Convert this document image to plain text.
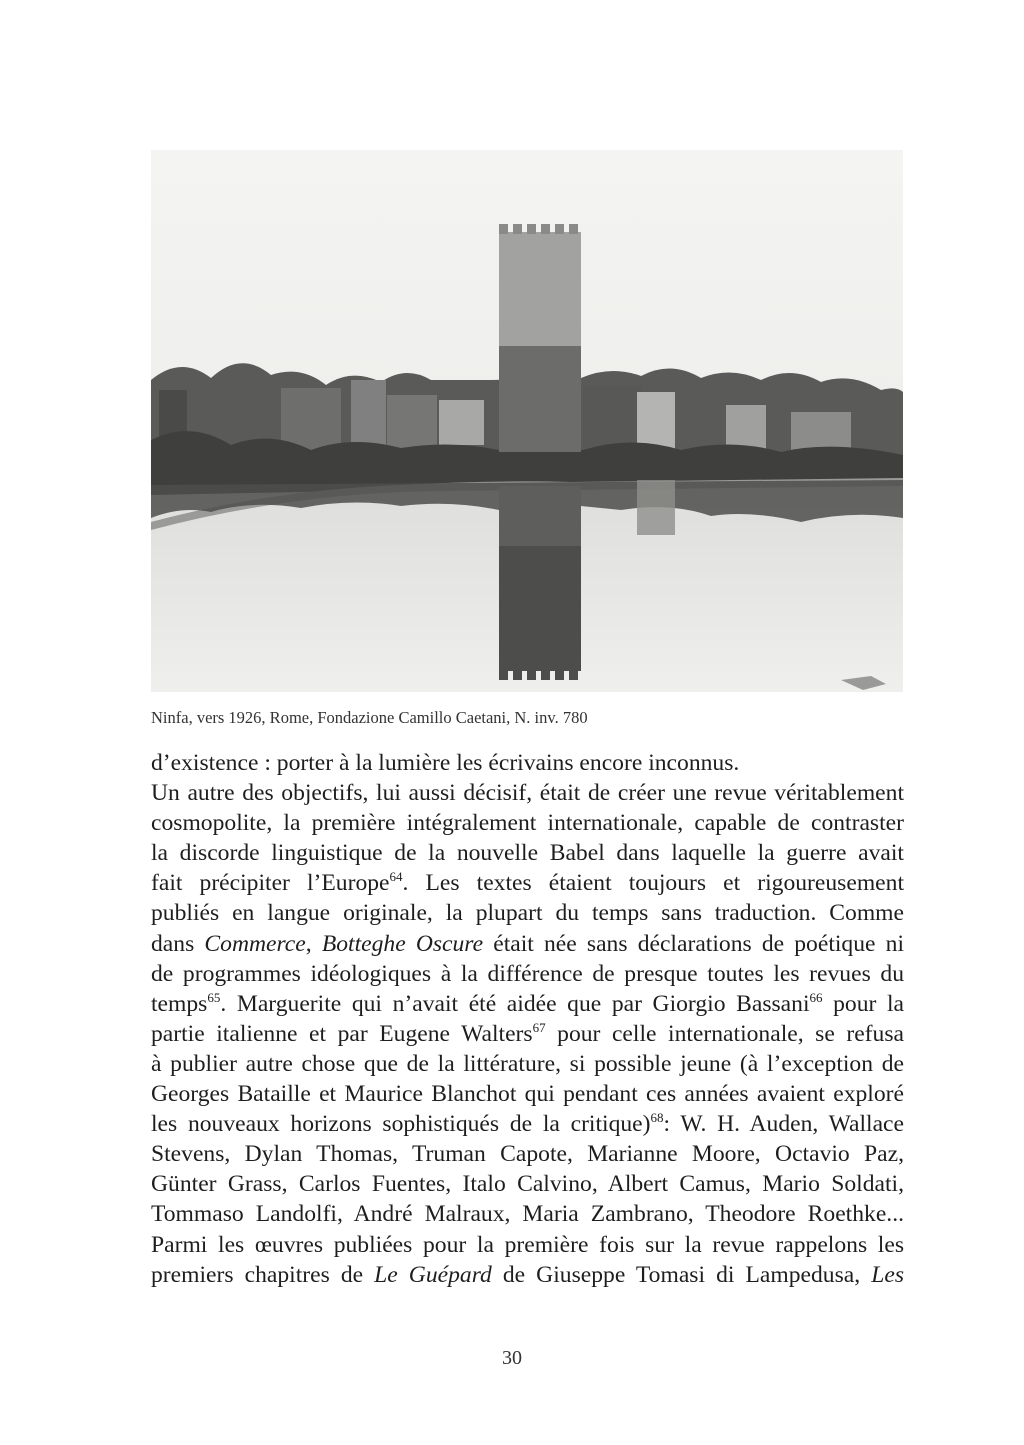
Ninfa, vers 1926, Rome, Fondazione Camillo Caetani, N. inv. 780
d’existence : porter à la lumière les écrivains encore inconnus.
Un autre des objectifs, lui aussi décisif, était de créer une revue véritablement
cosmopolite, la première intégralement internationale, capable de contraster
la discorde linguistique de la nouvelle Babel dans laquelle la guerre avait
fait précipiter l’Europe$^{64}$. Les textes étaient toujours et rigoureusement
publiés en langue originale, la plupart du temps sans traduction. Comme
dans Commerce, Botteghe Oscure était née sans déclarations de poétique ni
de programmes idéologiques à la différence de presque toutes les revues du
temps$^{65}$. Marguerite qui n’avait été aidée que par Giorgio Bassani$^{66}$ pour la
partie italienne et par Eugene Walters$^{67}$ pour celle internationale, se refusa
à publier autre chose que de la littérature, si possible jeune (à l’exception de
Georges Bataille et Maurice Blanchot qui pendant ces années avaient exploré
les nouveaux horizons sophistiqués de la critique)$^{68}$: W. H. Auden, Wallace
Stevens, Dylan Thomas, Truman Capote, Marianne Moore, Octavio Paz,
Günter Grass, Carlos Fuentes, Italo Calvino, Albert Camus, Mario Soldati,
Tommaso Landolfi, André Malraux, Maria Zambrano, Theodore Roethke...
Parmi les œuvres publiées pour la première fois sur la revue rappelons les
premiers chapitres de Le Guépard de Giuseppe Tomasi di Lampedusa, Les
30
